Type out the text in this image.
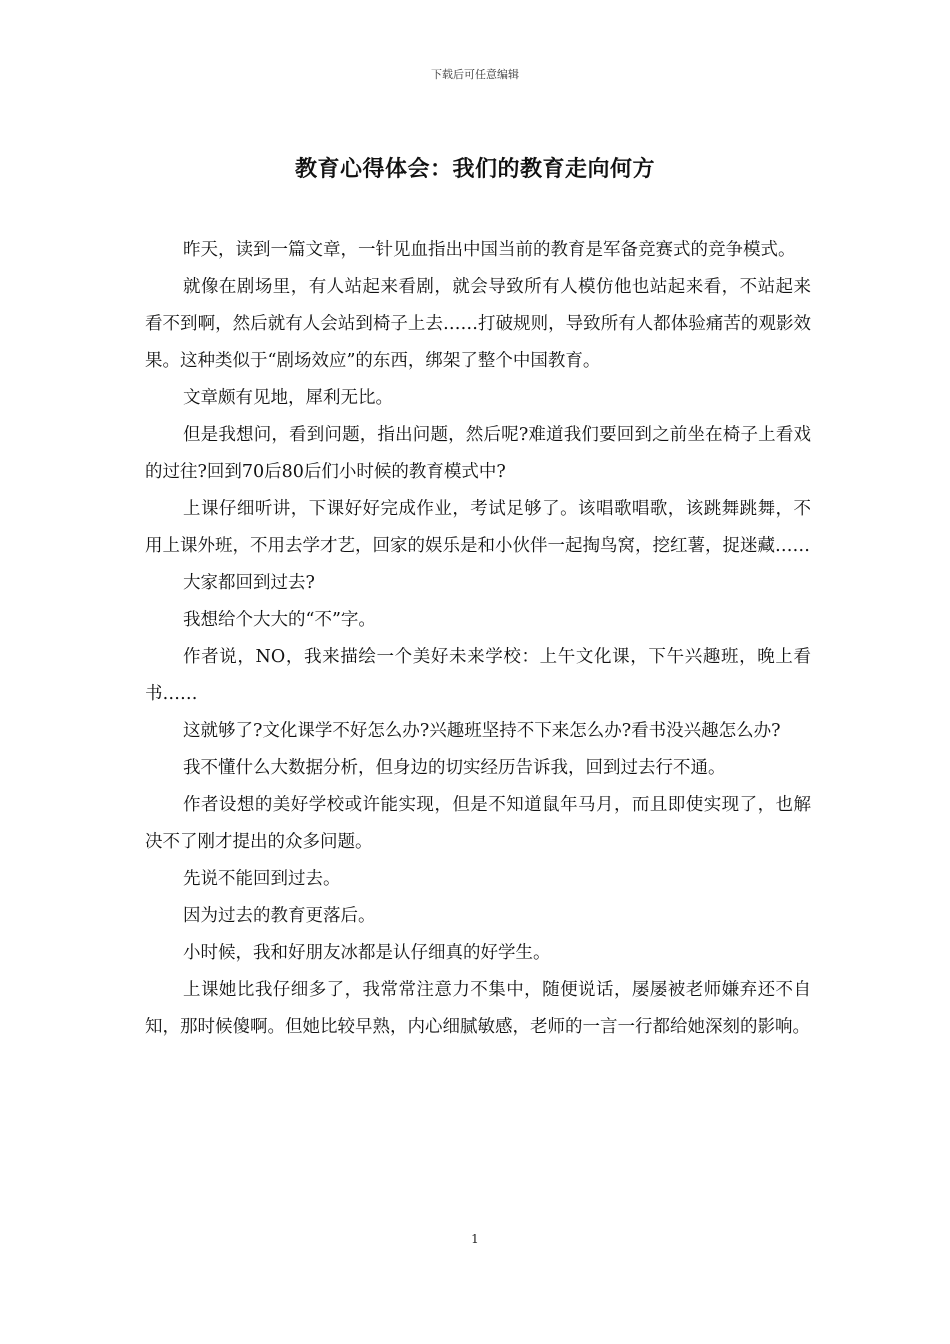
下载后可任意编辑
教育心得体会：我们的教育走向何方

昨天，读到一篇文章，一针见血指出中国当前的教育是军备竞赛式的竞争模式。

就像在剧场里，有人站起来看剧，就会导致所有人模仿他也站起来看，不站起来看不到啊，然后就有人会站到椅子上去……打破规则，导致所有人都体验痛苦的观影效果。这种类似于“剧场效应”的东西，绑架了整个中国教育。

文章颇有见地，犀利无比。

但是我想问，看到问题，指出问题，然后呢?难道我们要回到之前坐在椅子上看戏的过往?回到70后80后们小时候的教育模式中?

上课仔细听讲，下课好好完成作业，考试足够了。该唱歌唱歌，该跳舞跳舞，不用上课外班，不用去学才艺，回家的娱乐是和小伙伴一起掏鸟窝，挖红薯，捉迷藏……

大家都回到过去?

我想给个大大的“不”字。

作者说，NO，我来描绘一个美好未来学校：上午文化课，下午兴趣班，晚上看书……

这就够了?文化课学不好怎么办?兴趣班坚持不下来怎么办?看书没兴趣怎么办?

我不懂什么大数据分析，但身边的切实经历告诉我，回到过去行不通。

作者设想的美好学校或许能实现，但是不知道鼠年马月，而且即使实现了，也解决不了刚才提出的众多问题。

先说不能回到过去。

因为过去的教育更落后。

小时候，我和好朋友冰都是认仔细真的好学生。

上课她比我仔细多了，我常常注意力不集中，随便说话，屡屡被老师嫌弃还不自知，那时候傻啊。但她比较早熟，内心细腻敏感，老师的一言一行都给她深刻的影响。

1
